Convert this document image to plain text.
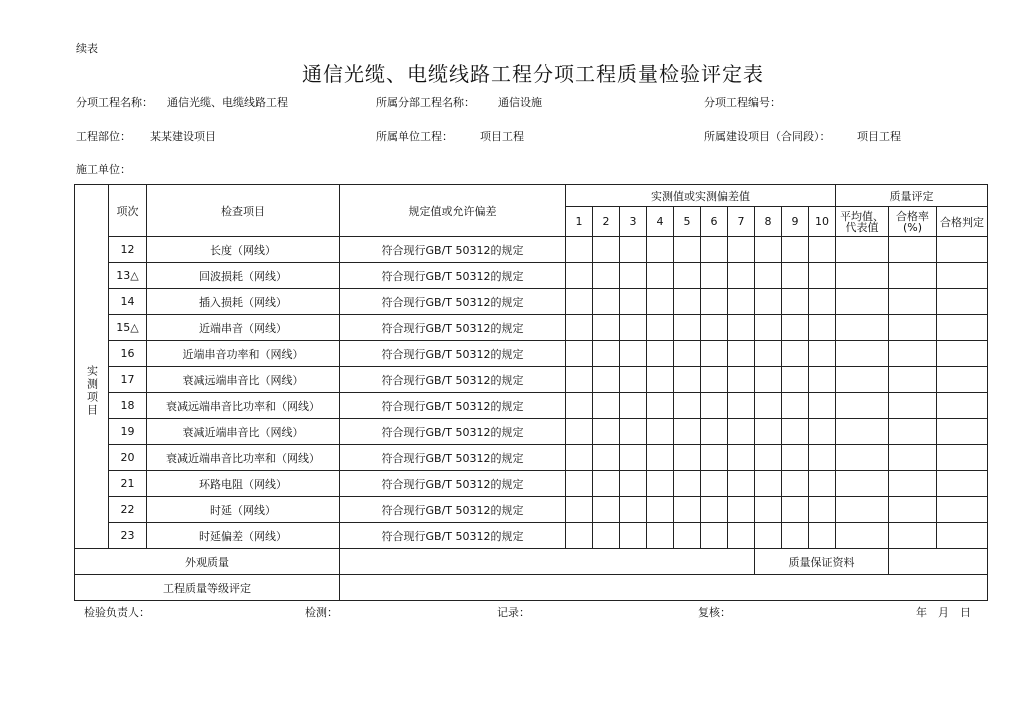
续表
通信光缆、电缆线路工程分项工程质量检验评定表
分项工程名称： 通信光缆、电缆线路工程	所属分部工程名称： 通信设施	分项工程编号：
工程部位： 某某建设项目	所属单位工程： 项目工程	所属建设项目（合同段）： 项目工程
施工单位：
	项次	检查项目	规定值或允许偏差	实测值或实测偏差值										质量评定		
				1	2	3	4	5	6	7	8	9	10	平均值、代表值	合格率(%)	合格判定
实测项目	12	长度（网线）	符合现行GB/T 50312的规定													
	13△	回波损耗（网线）	符合现行GB/T 50312的规定													
	14	插入损耗（网线）	符合现行GB/T 50312的规定													
	15△	近端串音（网线）	符合现行GB/T 50312的规定													
	16	近端串音功率和（网线）	符合现行GB/T 50312的规定													
	17	衰减远端串音比（网线）	符合现行GB/T 50312的规定													
	18	衰减远端串音比功率和（网线）	符合现行GB/T 50312的规定													
	19	衰减近端串音比（网线）	符合现行GB/T 50312的规定													
	20	衰减近端串音比功率和（网线）	符合现行GB/T 50312的规定													
	21	环路电阻（网线）	符合现行GB/T 50312的规定													
	22	时延（网线）	符合现行GB/T 50312的规定													
	23	时延偏差（网线）	符合现行GB/T 50312的规定													
外观质量											质量保证资料					
工程质量等级评定																
检验负责人：	检测：	记录：	复核：	年　月　日
